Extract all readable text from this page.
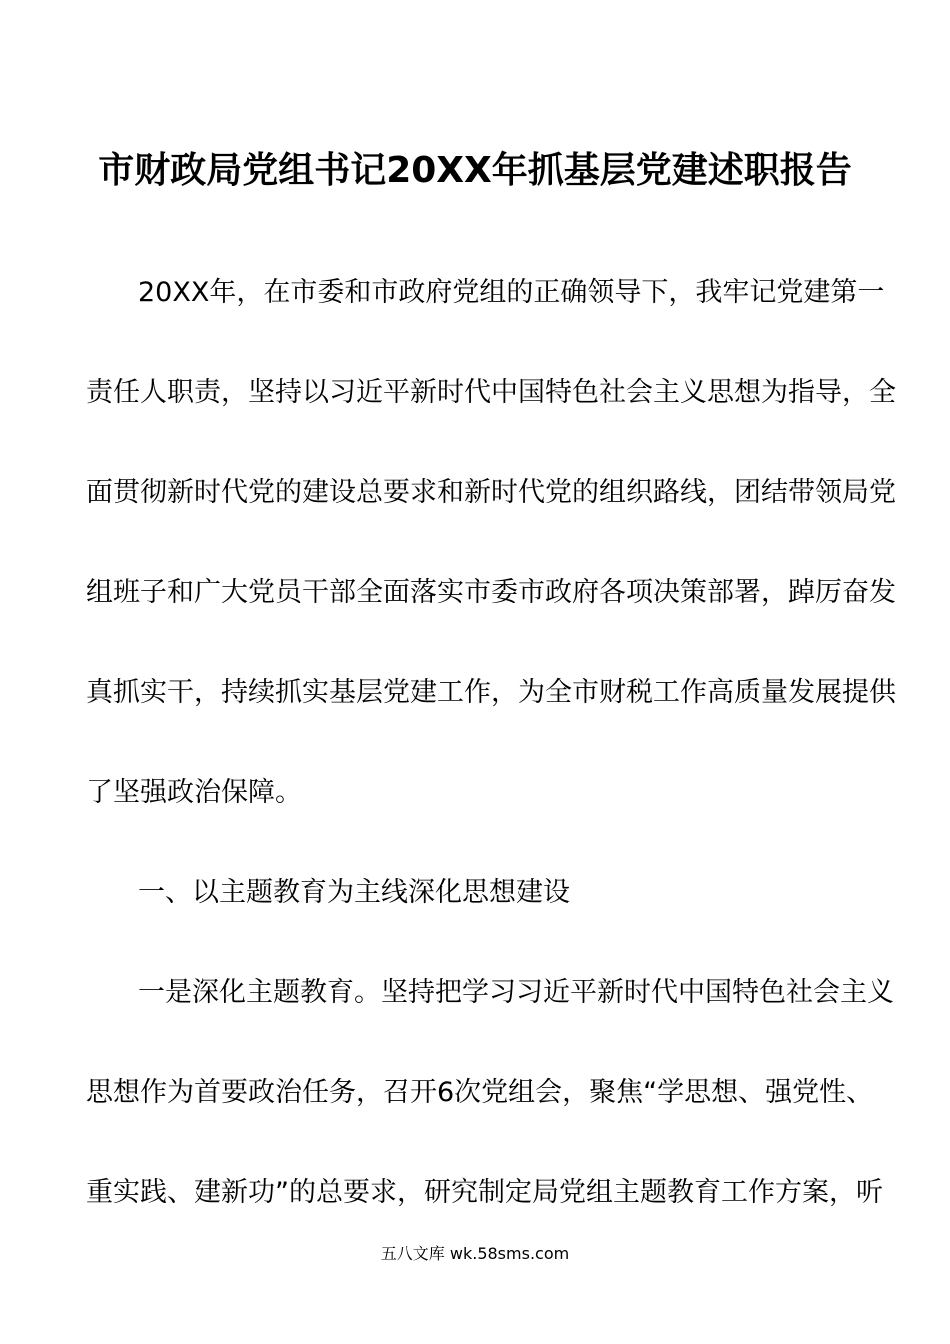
市财政局党组书记20XX年抓基层党建述职报告
20XX年，在市委和市政府党组的正确领导下，我牢记党建第一
责任人职责，坚持以习近平新时代中国特色社会主义思想为指导，全
面贯彻新时代党的建设总要求和新时代党的组织路线，团结带领局党
组班子和广大党员干部全面落实市委市政府各项决策部署，踔厉奋发
真抓实干，持续抓实基层党建工作，为全市财税工作高质量发展提供
了坚强政治保障。
一、以主题教育为主线深化思想建设
一是深化主题教育。坚持把学习习近平新时代中国特色社会主义
思想作为首要政治任务，召开6次党组会，聚焦“学思想、强党性、
重实践、建新功”的总要求，研究制定局党组主题教育工作方案，听
五八文库 wk.58sms.com
